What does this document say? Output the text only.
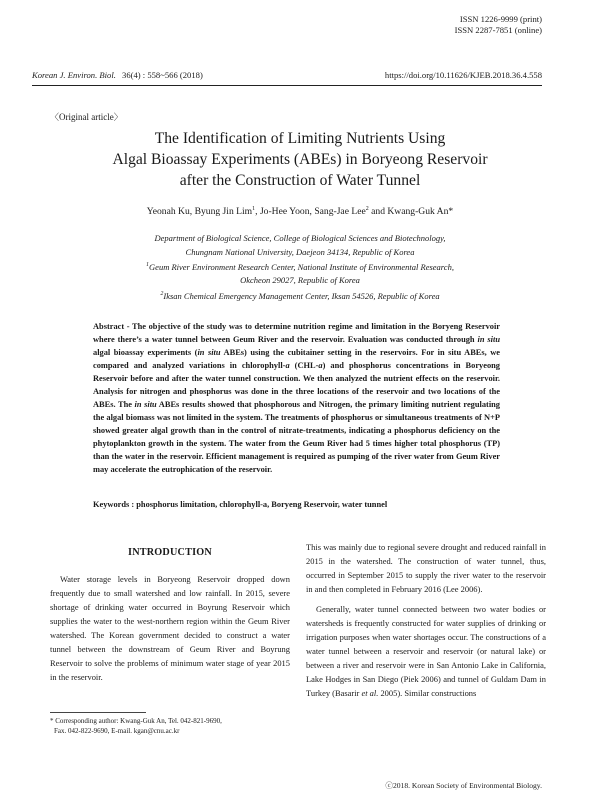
ISSN 1226-9999 (print)
ISSN 2287-7851 (online)
Korean J. Environ. Biol. 36(4) : 558~566 (2018)	https://doi.org/10.11626/KJEB.2018.36.4.558
〈Original article〉
The Identification of Limiting Nutrients Using
Algal Bioassay Experiments (ABEs) in Boryeong Reservoir
after the Construction of Water Tunnel
Yeonah Ku, Byung Jin Lim$^1$, Jo-Hee Yoon, Sang-Jae Lee$^2$ and Kwang-Guk An*
Department of Biological Science, College of Biological Sciences and Biotechnology,
Chungnam National University, Daejeon 34134, Republic of Korea
$^1$Geum River Environment Research Center, National Institute of Environmental Research,
Okcheon 29027, Republic of Korea
$^2$Iksan Chemical Emergency Management Center, Iksan 54526, Republic of Korea
Abstract - The objective of the study was to determine nutrition regime and limitation in the Boryeng Reservoir where there’s a water tunnel between Geum River and the reservoir. Evaluation was conducted through in situ algal bioassay experiments (in situ ABEs) using the cubitainer setting in the reservoirs. For in situ ABEs, we compared and analyzed variations in chlorophyll-a (CHL-a) and phosphorus concentrations in Boryeong Reservoir before and after the water tunnel construction. We then analyzed the nutrient effects on the reservoir. Analysis for nitrogen and phosphorus was done in the three locations of the reservoir and two locations of the ABEs. The in situ ABEs results showed that phosphorous and Nitrogen, the primary limiting nutrient regulating the algal biomass was not limited in the system. The treatments of phosphorus or simultaneous treatments of N+P showed greater algal growth than in the control of nitrate-treatments, indicating a phosphorus deficiency on the phytoplankton growth in the system. The water from the Geum River had 5 times higher total phosphorus (TP) than the water in the reservoir. Efficient management is required as pumping of the river water from Geum River may accelerate the eutrophication of the reservoir.
Keywords : phosphorus limitation, chlorophyll-a, Boryeng Reservoir, water tunnel
INTRODUCTION

Water storage levels in Boryeong Reservoir dropped down frequently due to small watershed and low rainfall. In 2015, severe shortage of drinking water occurred in Boyrung Reservoir which supplies the water to the west-northern region within the Geum River watershed. The Korean government decided to construct a water tunnel between the downstream of Geum River and Boyrung Reservoir to solve the problems of minimum water stage of year 2015 in the reservoir.

This was mainly due to regional severe drought and reduced rainfall in 2015 in the watershed. The construction of water tunnel, thus, occurred in September 2015 to supply the river water to the reservoir in and then completed in February 2016 (Lee 2006).

Generally, water tunnel connected between two water bodies or watersheds is frequently constructed for water supplies of drinking or irrigation purposes when water shortages occur. The constructions of a water tunnel between a reservoir and reservoir (or natural lake) or between a river and reservoir were in San Antonio Lake in California, Lake Hodges in San Diego (Piek 2006) and tunnel of Guldam Dam in Turkey (Basarir et al. 2005). Similar constructions

* Corresponding author: Kwang-Guk An, Tel. 042-821-9690,
Fax. 042-822-9690, E-mail. kgan@cnu.ac.kr
ⓒ2018. Korean Society of Environmental Biology.
